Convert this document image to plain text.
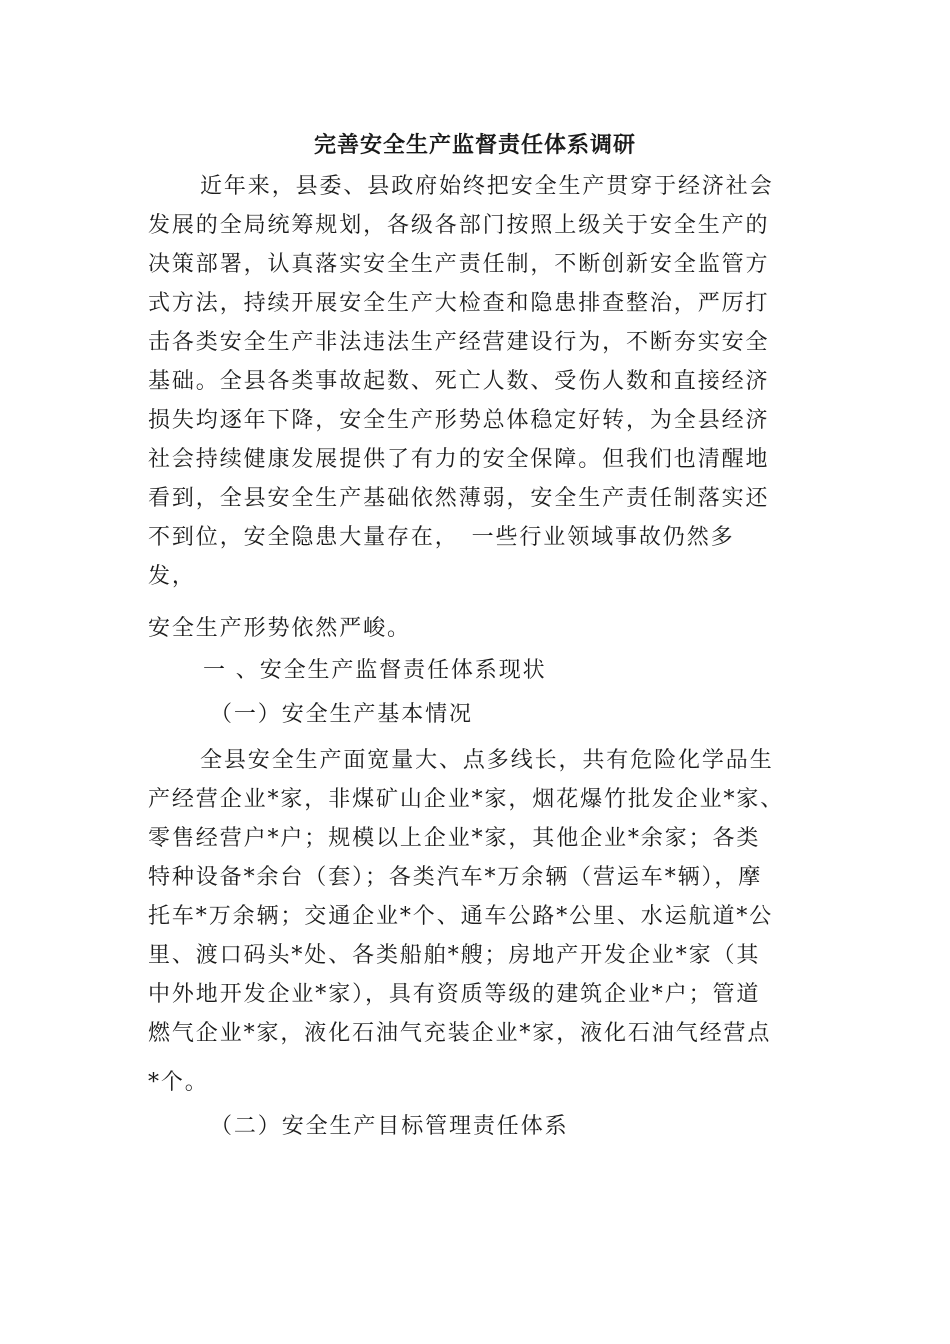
完善安全生产监督责任体系调研
近年来，县委、县政府始终把安全生产贯穿于经济社会
发展的全局统筹规划，各级各部门按照上级关于安全生产的
决策部署，认真落实安全生产责任制，不断创新安全监管方
式方法，持续开展安全生产大检查和隐患排查整治，严厉打
击各类安全生产非法违法生产经营建设行为，不断夯实安全
基础。全县各类事故起数、死亡人数、受伤人数和直接经济
损失均逐年下降，安全生产形势总体稳定好转，为全县经济
社会持续健康发展提供了有力的安全保障。但我们也清醒地
看到，全县安全生产基础依然薄弱，安全生产责任制落实还
不到位，安全隐患大量存在，　一些行业领域事故仍然多
发，
安全生产形势依然严峻。
一 、安全生产监督责任体系现状
（一）安全生产基本情况
全县安全生产面宽量大、点多线长，共有危险化学品生
产经营企业*家，非煤矿山企业*家，烟花爆竹批发企业*家、
零售经营户*户；规模以上企业*家，其他企业*余家；各类
特种设备*余台（套）；各类汽车*万余辆（营运车*辆），摩
托车*万余辆；交通企业*个、通车公路*公里、水运航道*公
里、渡口码头*处、各类船舶*艘；房地产开发企业*家（其
中外地开发企业*家），具有资质等级的建筑企业*户；管道
燃气企业*家，液化石油气充装企业*家，液化石油气经营点
*个。
（二）安全生产目标管理责任体系
